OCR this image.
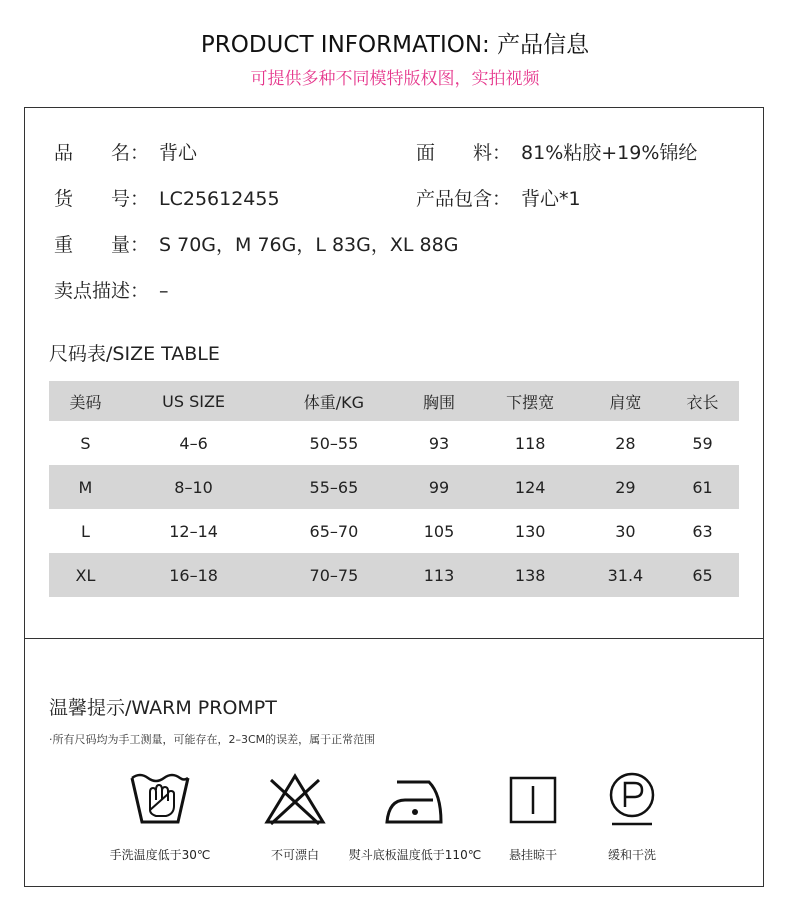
PRODUCT INFORMATION: 产品信息
可提供多种不同模特版权图，实拍视频
品　　名： 背心
货　　号： LC25612455
重　　量： S 70G，M 76G，L 83G，XL 88G
卖点描述： –
面　　料： 81%粘胶+19%锦纶
产品包含： 背心*1
尺码表/SIZE TABLE
美码	US SIZE	体重/KG	胸围	下摆宽	肩宽	衣长
S	4–6	50–55	93	118	28	59
M	8–10	55–65	99	124	29	61
L	12–14	65–70	105	130	30	63
XL	16–18	70–75	113	138	31.4	65
温馨提示/WARM PROMPT
·所有尺码均为手工测量，可能存在，2–3CM的误差，属于正常范围
手洗温度低于30℃	不可漂白	熨斗底板温度低于110℃	悬挂晾干	缓和干洗
